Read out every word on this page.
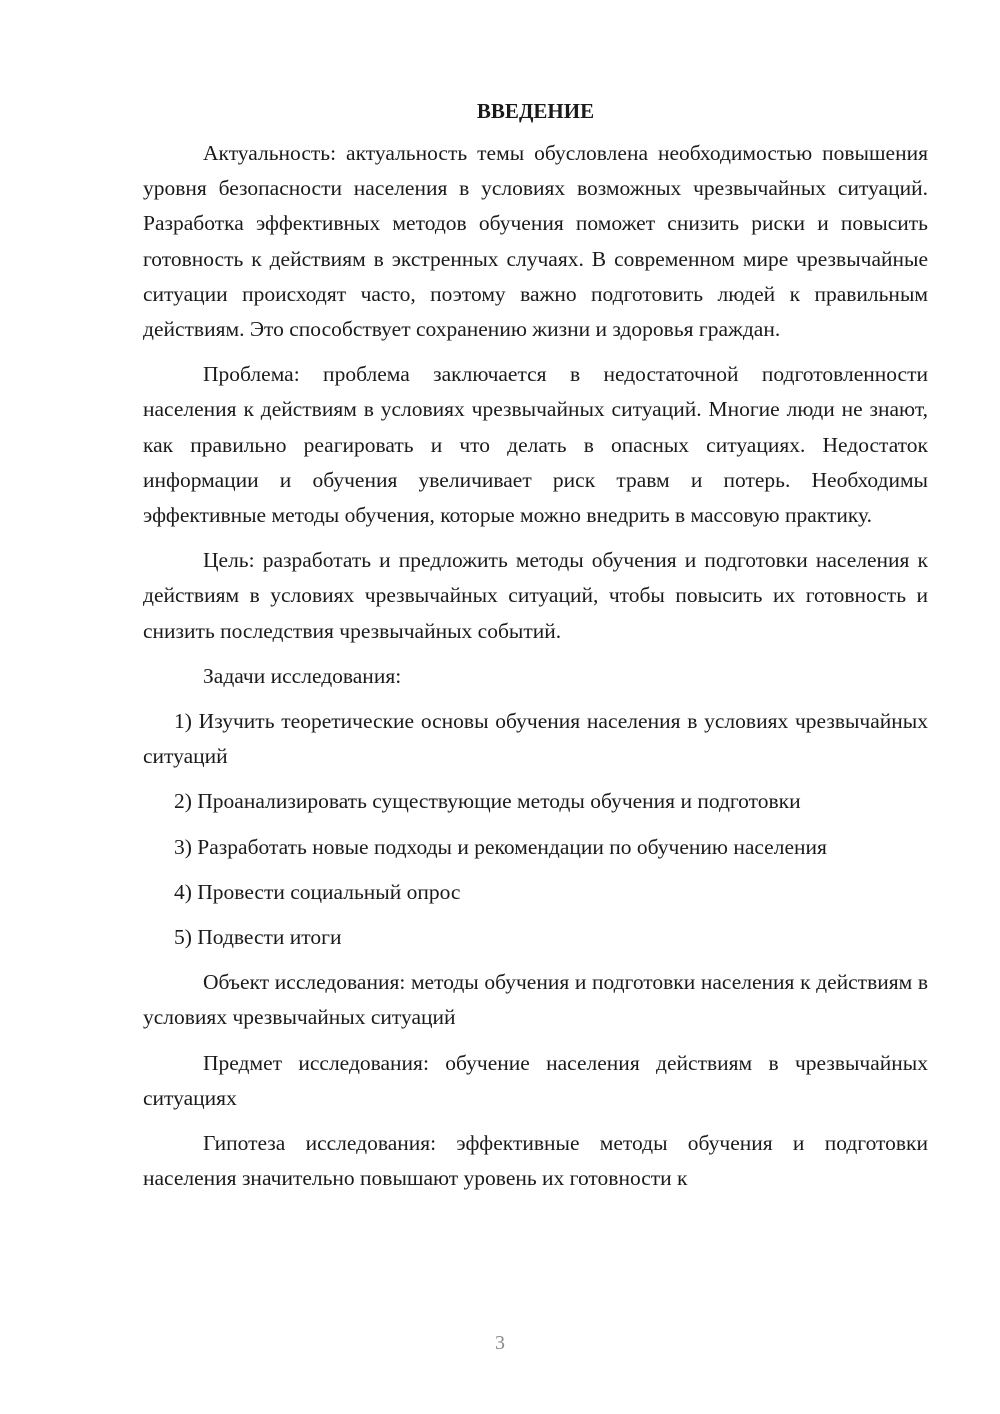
ВВЕДЕНИЕ

Актуальность: актуальность темы обусловлена необходимостью повышения уровня безопасности населения в условиях возможных чрезвычайных ситуаций. Разработка эффективных методов обучения поможет снизить риски и повысить готовность к действиям в экстренных случаях. В современном мире чрезвычайные ситуации происходят часто, поэтому важно подготовить людей к правильным действиям. Это способствует сохранению жизни и здоровья граждан.

Проблема: проблема заключается в недостаточной подготовленности населения к действиям в условиях чрезвычайных ситуаций. Многие люди не знают, как правильно реагировать и что делать в опасных ситуациях. Недостаток информации и обучения увеличивает риск травм и потерь. Необходимы эффективные методы обучения, которые можно внедрить в массовую практику.

Цель: разработать и предложить методы обучения и подготовки населения к действиям в условиях чрезвычайных ситуаций, чтобы повысить их готовность и снизить последствия чрезвычайных событий.

Задачи исследования:

1) Изучить теоретические основы обучения населения в условиях чрезвычайных ситуаций

2) Проанализировать существующие методы обучения и подготовки

3) Разработать новые подходы и рекомендации по обучению населения

4) Провести социальный опрос

5) Подвести итоги

Объект исследования: методы обучения и подготовки населения к действиям в условиях чрезвычайных ситуаций

Предмет исследования: обучение населения действиям в чрезвычайных ситуациях

Гипотеза исследования: эффективные методы обучения и подготовки населения значительно повышают уровень их готовности к

3
